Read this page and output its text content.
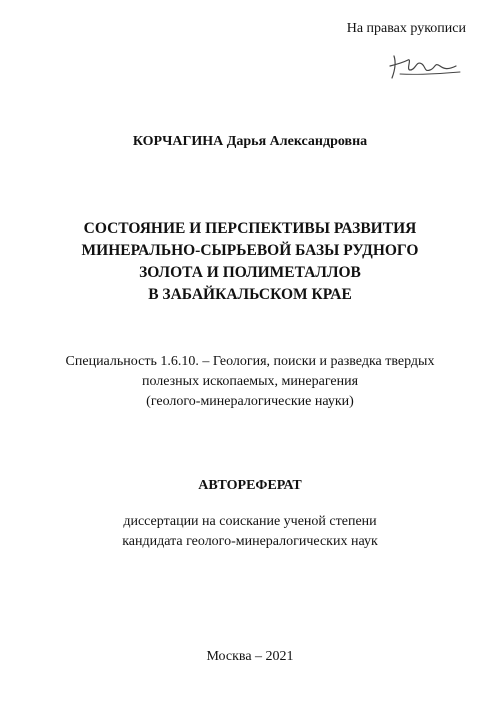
На правах рукописи
КОРЧАГИНА Дарья Александровна
СОСТОЯНИЕ И ПЕРСПЕКТИВЫ РАЗВИТИЯ
МИНЕРАЛЬНО-СЫРЬЕВОЙ БАЗЫ РУДНОГО
ЗОЛОТА И ПОЛИМЕТАЛЛОВ
В ЗАБАЙКАЛЬСКОМ КРАЕ
Специальность 1.6.10. – Геология, поиски и разведка твердых
полезных ископаемых, минерагения
(геолого-минералогические науки)
АВТОРЕФЕРАТ
диссертации на соискание ученой степени
кандидата геолого-минералогических наук
Москва – 2021
